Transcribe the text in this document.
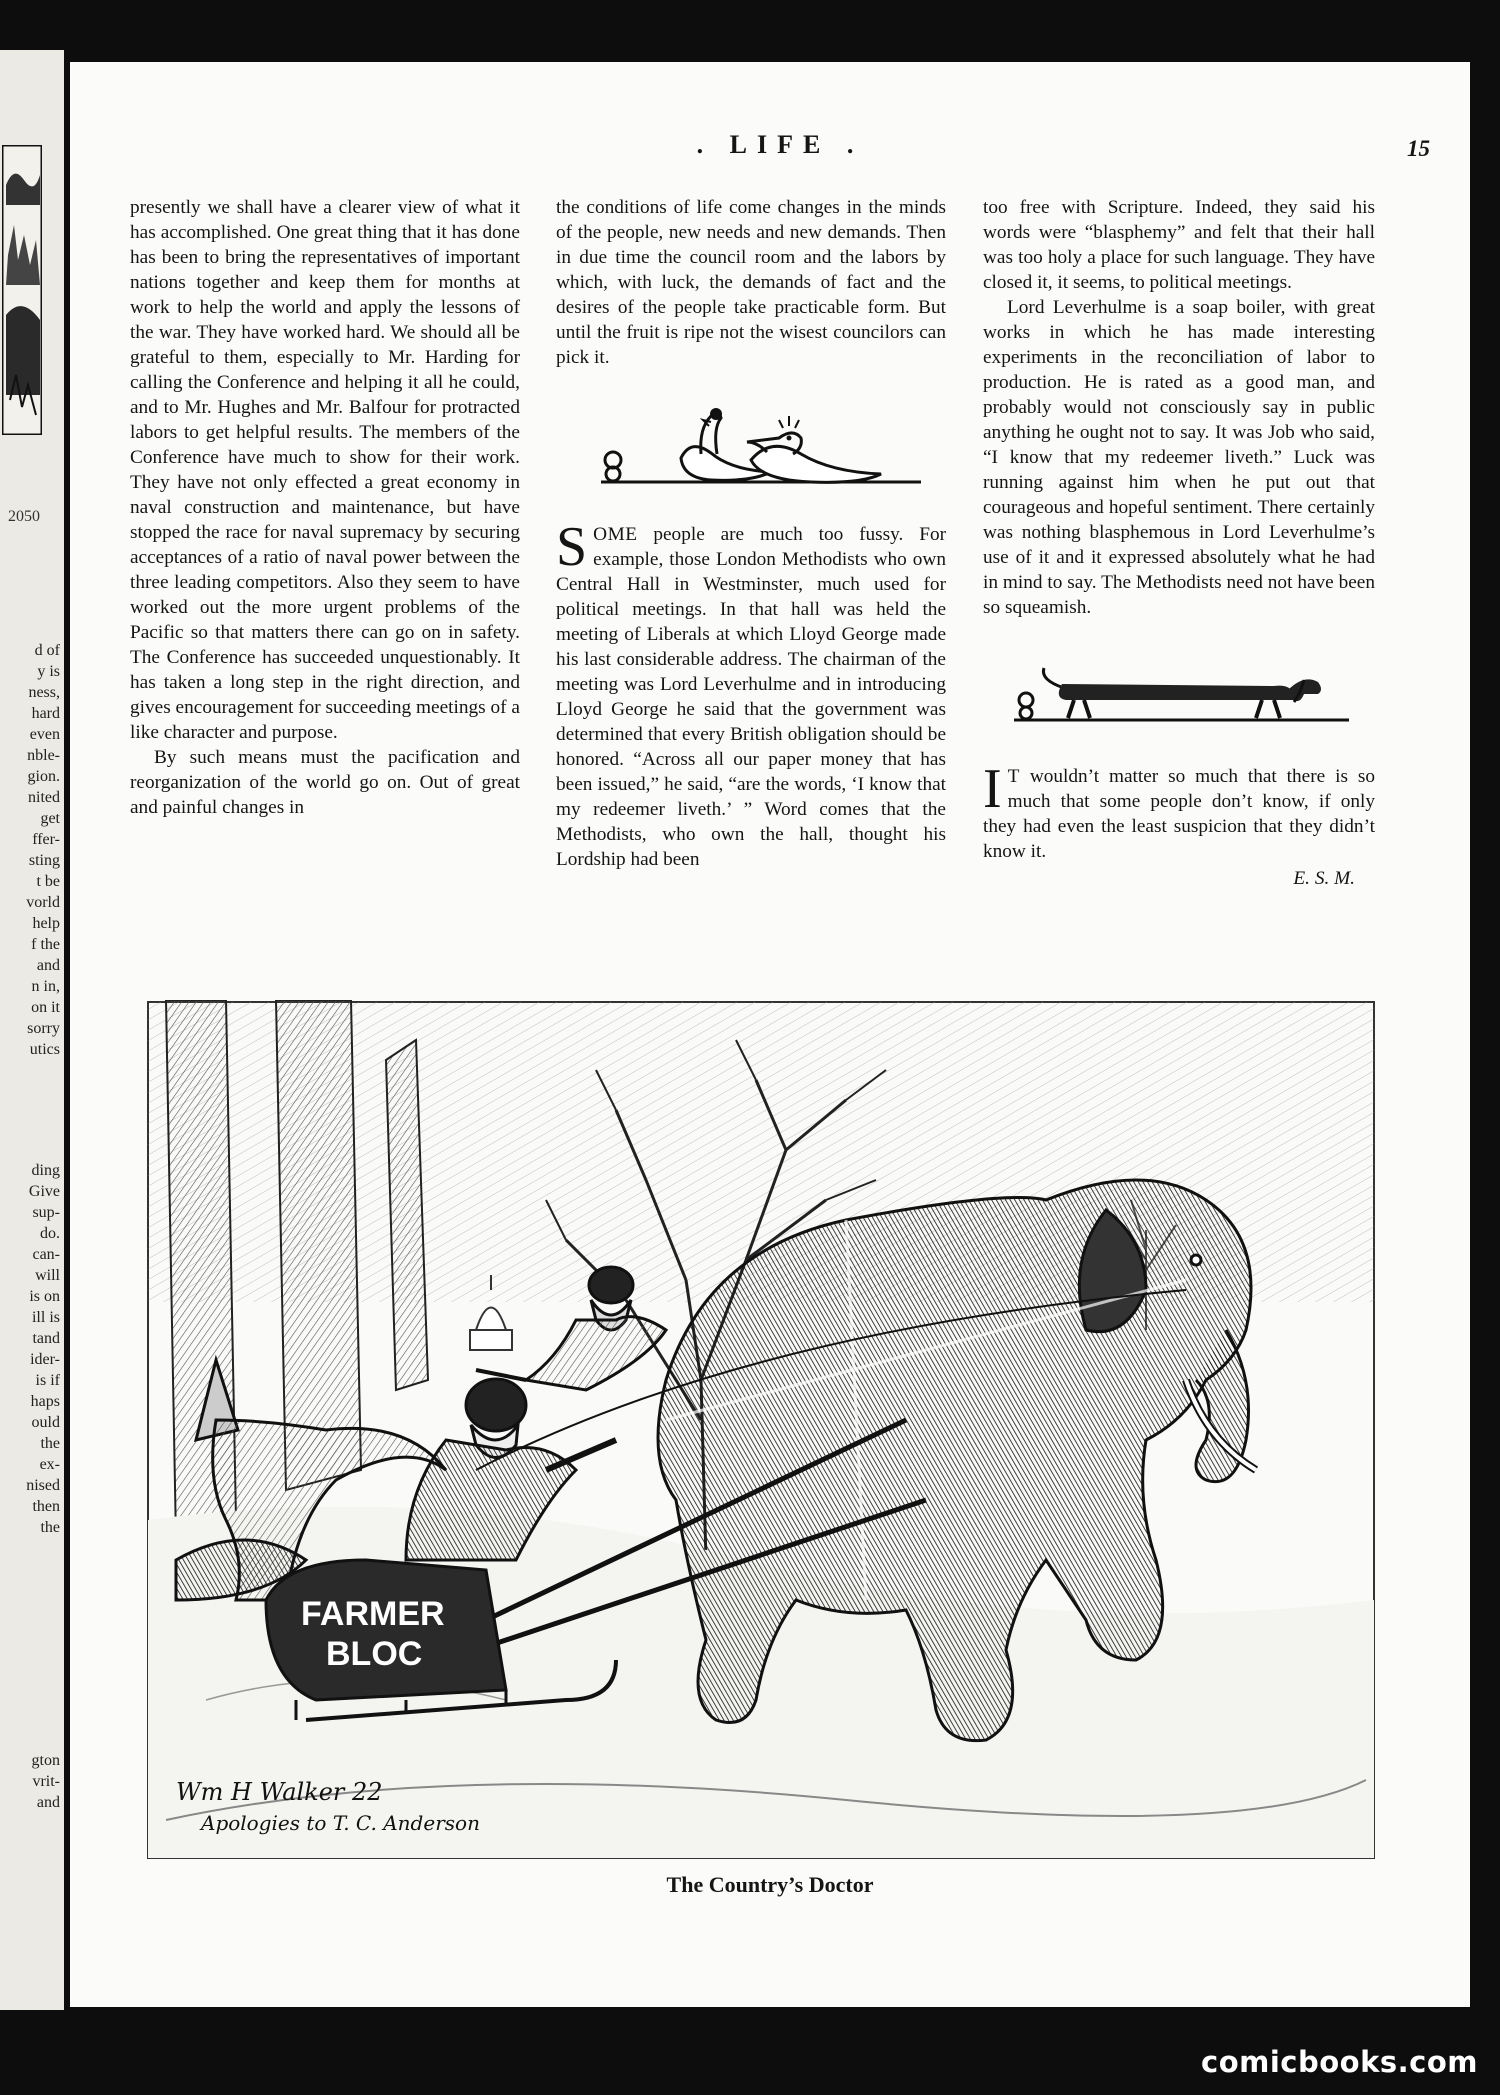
2050
d of
y is
ness,
hard
even
nble-
gion.
nited
get
ffer-
sting
t be
vorld
help
f the
and
n in,
on it
sorry
utics
ding
Give
sup-
do.
can-
will
is on
ill is
tand
ider-
is if
haps
ould
the
ex-
nised
then
the
gton
vrit-
and
. LIFE .	15

presently we shall have a clearer view of what it has accomplished. One great thing that it has done has been to bring the representatives of important nations together and keep them for months at work to help the world and apply the lessons of the war. They have worked hard. We should all be grateful to them, especially to Mr. Harding for calling the Conference and helping it all he could, and to Mr. Hughes and Mr. Balfour for protracted labors to get helpful results. The members of the Conference have much to show for their work. They have not only effected a great economy in naval construction and maintenance, but have stopped the race for naval supremacy by securing acceptances of a ratio of naval power between the three leading competitors. Also they seem to have worked out the more urgent problems of the Pacific so that matters there can go on in safety. The Conference has succeeded unquestionably. It has taken a long step in the right direction, and gives encouragement for succeeding meetings of a like character and purpose.

By such means must the pacification and reorganization of the world go on. Out of great and painful changes in

the conditions of life come changes in the minds of the people, new needs and new demands. Then in due time the council room and the labors by which, with luck, the demands of fact and the desires of the people take practicable form. But until the fruit is ripe not the wisest councilors can pick it.

SOME people are much too fussy. For example, those London Methodists who own Central Hall in Westminster, much used for political meetings. In that hall was held the meeting of Liberals at which Lloyd George made his last considerable address. The chairman of the meeting was Lord Leverhulme and in introducing Lloyd George he said that the government was determined that every British obligation should be honored. “Across all our paper money that has been issued,” he said, “are the words, ‘I know that my redeemer liveth.’ ” Word comes that the Methodists, who own the hall, thought his Lordship had been

too free with Scripture. Indeed, they said his words were “blasphemy” and felt that their hall was too holy a place for such language. They have closed it, it seems, to political meetings.

Lord Leverhulme is a soap boiler, with great works in which he has made interesting experiments in the reconciliation of labor to production. He is rated as a good man, and probably would not consciously say in public anything he ought not to say. It was Job who said, “I know that my redeemer liveth.” Luck was running against him when he put out that courageous and hopeful sentiment. There certainly was nothing blasphemous in Lord Leverhulme’s use of it and it expressed absolutely what he had in mind to say. The Methodists need not have been so squeamish.

I T wouldn’t matter so much that there is so much that some people don’t know, if only they had even the least suspicion that they didn’t know it.

E. S. M.
FARMER
BLOC
Wm H Walker 22
Apologies to T. C. Anderson
The Country’s Doctor
comicbooks.com
